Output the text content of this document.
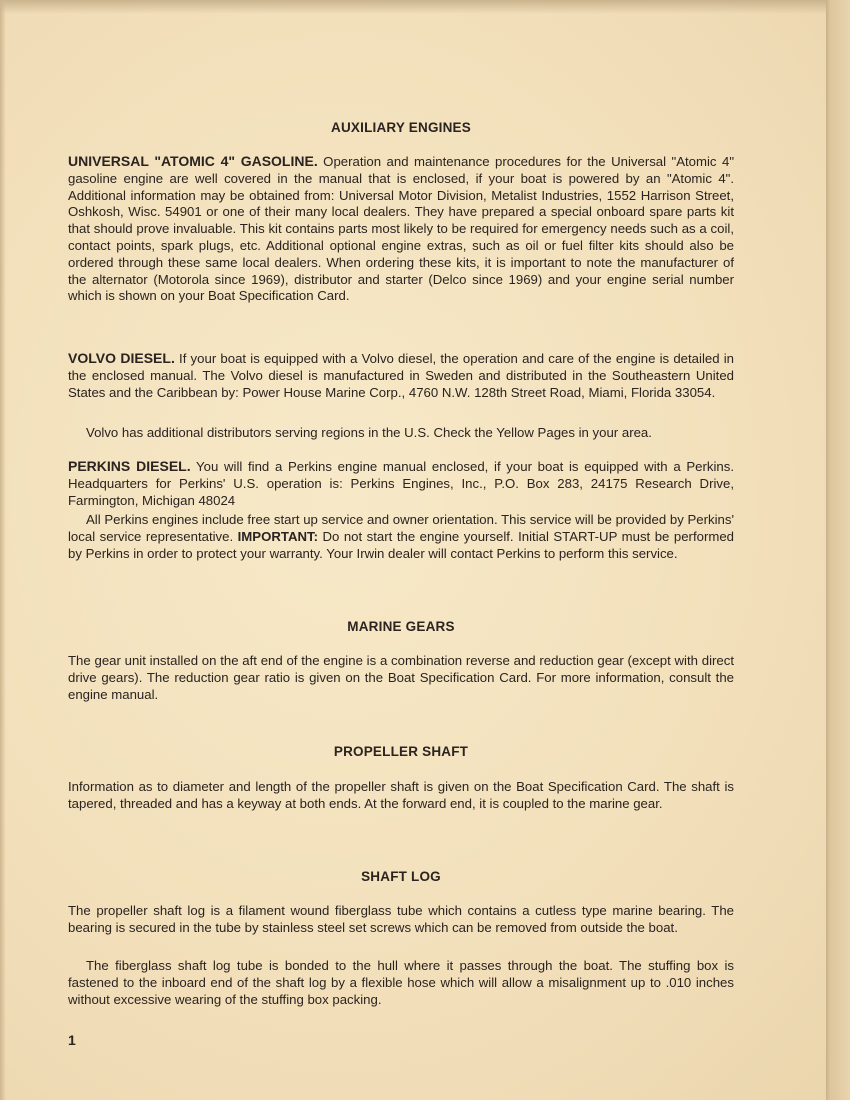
AUXILIARY ENGINES

UNIVERSAL "ATOMIC 4" GASOLINE. Operation and maintenance procedures for the Universal "Atomic 4" gasoline engine are well covered in the manual that is enclosed, if your boat is powered by an "Atomic 4". Additional information may be obtained from: Universal Motor Division, Metalist Industries, 1552 Harrison Street, Oshkosh, Wisc. 54901 or one of their many local dealers. They have prepared a special onboard spare parts kit that should prove invaluable. This kit contains parts most likely to be required for emergency needs such as a coil, contact points, spark plugs, etc. Additional optional engine extras, such as oil or fuel filter kits should also be ordered through these same local dealers. When ordering these kits, it is important to note the manufacturer of the alternator (Motorola since 1969), distributor and starter (Delco since 1969) and your engine serial number which is shown on your Boat Specification Card.

VOLVO DIESEL. If your boat is equipped with a Volvo diesel, the operation and care of the engine is detailed in the enclosed manual. The Volvo diesel is manufactured in Sweden and distributed in the Southeastern United States and the Caribbean by: Power House Marine Corp., 4760 N.W. 128th Street Road, Miami, Florida 33054.

Volvo has additional distributors serving regions in the U.S. Check the Yellow Pages in your area.

PERKINS DIESEL. You will find a Perkins engine manual enclosed, if your boat is equipped with a Perkins. Headquarters for Perkins' U.S. operation is: Perkins Engines, Inc., P.O. Box 283, 24175 Research Drive, Farmington, Michigan 48024

All Perkins engines include free start up service and owner orientation. This service will be provided by Perkins' local service representative. IMPORTANT: Do not start the engine yourself. Initial START-UP must be performed by Perkins in order to protect your warranty. Your Irwin dealer will contact Perkins to perform this service.

MARINE GEARS

The gear unit installed on the aft end of the engine is a combination reverse and reduction gear (except with direct drive gears). The reduction gear ratio is given on the Boat Specification Card. For more information, consult the engine manual.

PROPELLER SHAFT

Information as to diameter and length of the propeller shaft is given on the Boat Specification Card. The shaft is tapered, threaded and has a keyway at both ends. At the forward end, it is coupled to the marine gear.

SHAFT LOG

The propeller shaft log is a filament wound fiberglass tube which contains a cutless type marine bearing. The bearing is secured in the tube by stainless steel set screws which can be removed from outside the boat.

The fiberglass shaft log tube is bonded to the hull where it passes through the boat. The stuffing box is fastened to the inboard end of the shaft log by a flexible hose which will allow a misalignment up to .010 inches without excessive wearing of the stuffing box packing.

1
